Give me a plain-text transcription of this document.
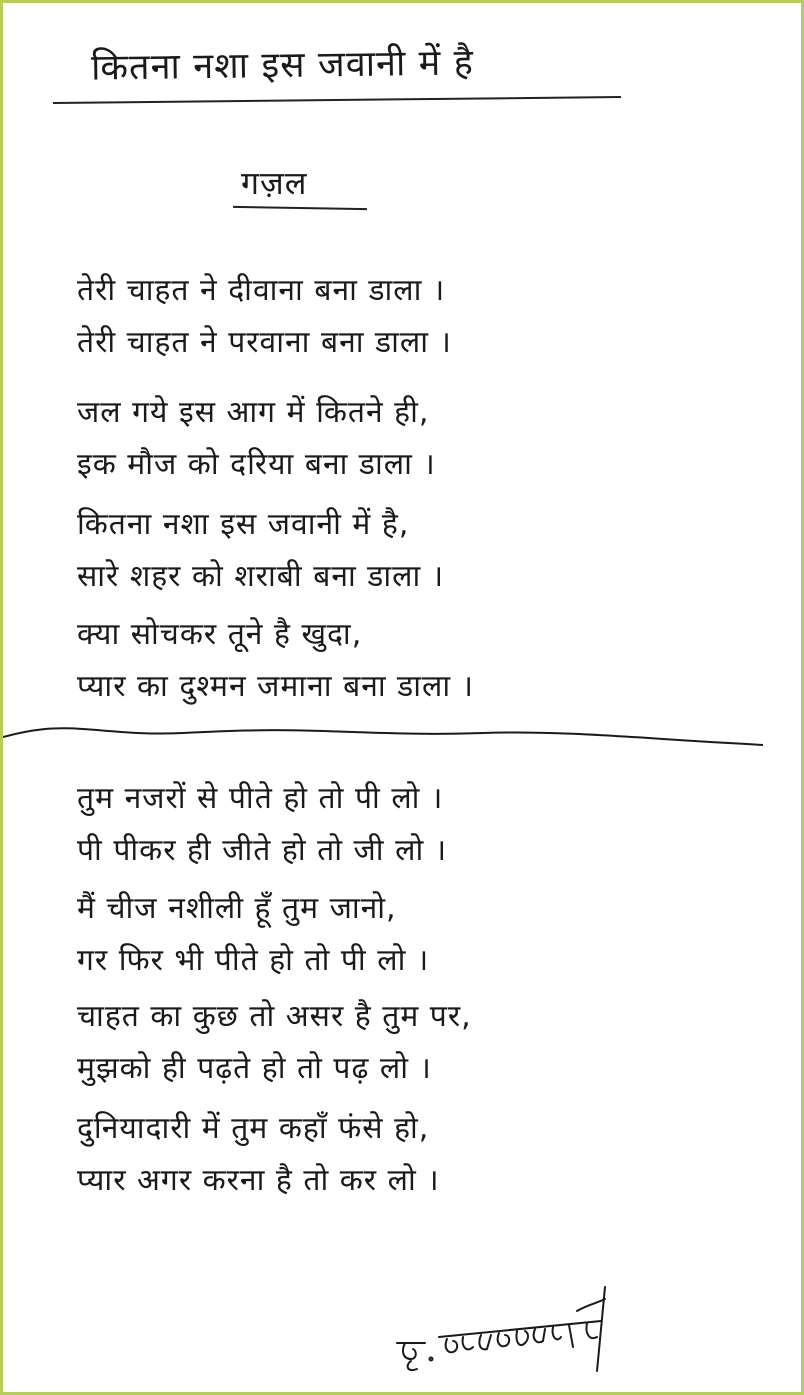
कितना नशा इस जवानी में है
गज़ल
तेरी चाहत ने दीवाना बना डाला ।
तेरी चाहत ने परवाना बना डाला ।
जल गये इस आग में कितने ही,
इक मौज को दरिया बना डाला ।
कितना नशा इस जवानी में है,
सारे शहर को शराबी बना डाला ।
क्या सोचकर तूने है खुदा,
प्यार का दुश्मन जमाना बना डाला ।
तुम नजरों से पीते हो तो पी लो ।
पी पीकर ही जीते हो तो जी लो ।
मैं चीज नशीली हूँ तुम जानो,
गर फिर भी पीते हो तो पी लो ।
चाहत का कुछ तो असर है तुम पर,
मुझको ही पढ़ते हो तो पढ़ लो ।
दुनियादारी में तुम कहाँ फंसे हो,
प्यार अगर करना है तो कर लो ।
